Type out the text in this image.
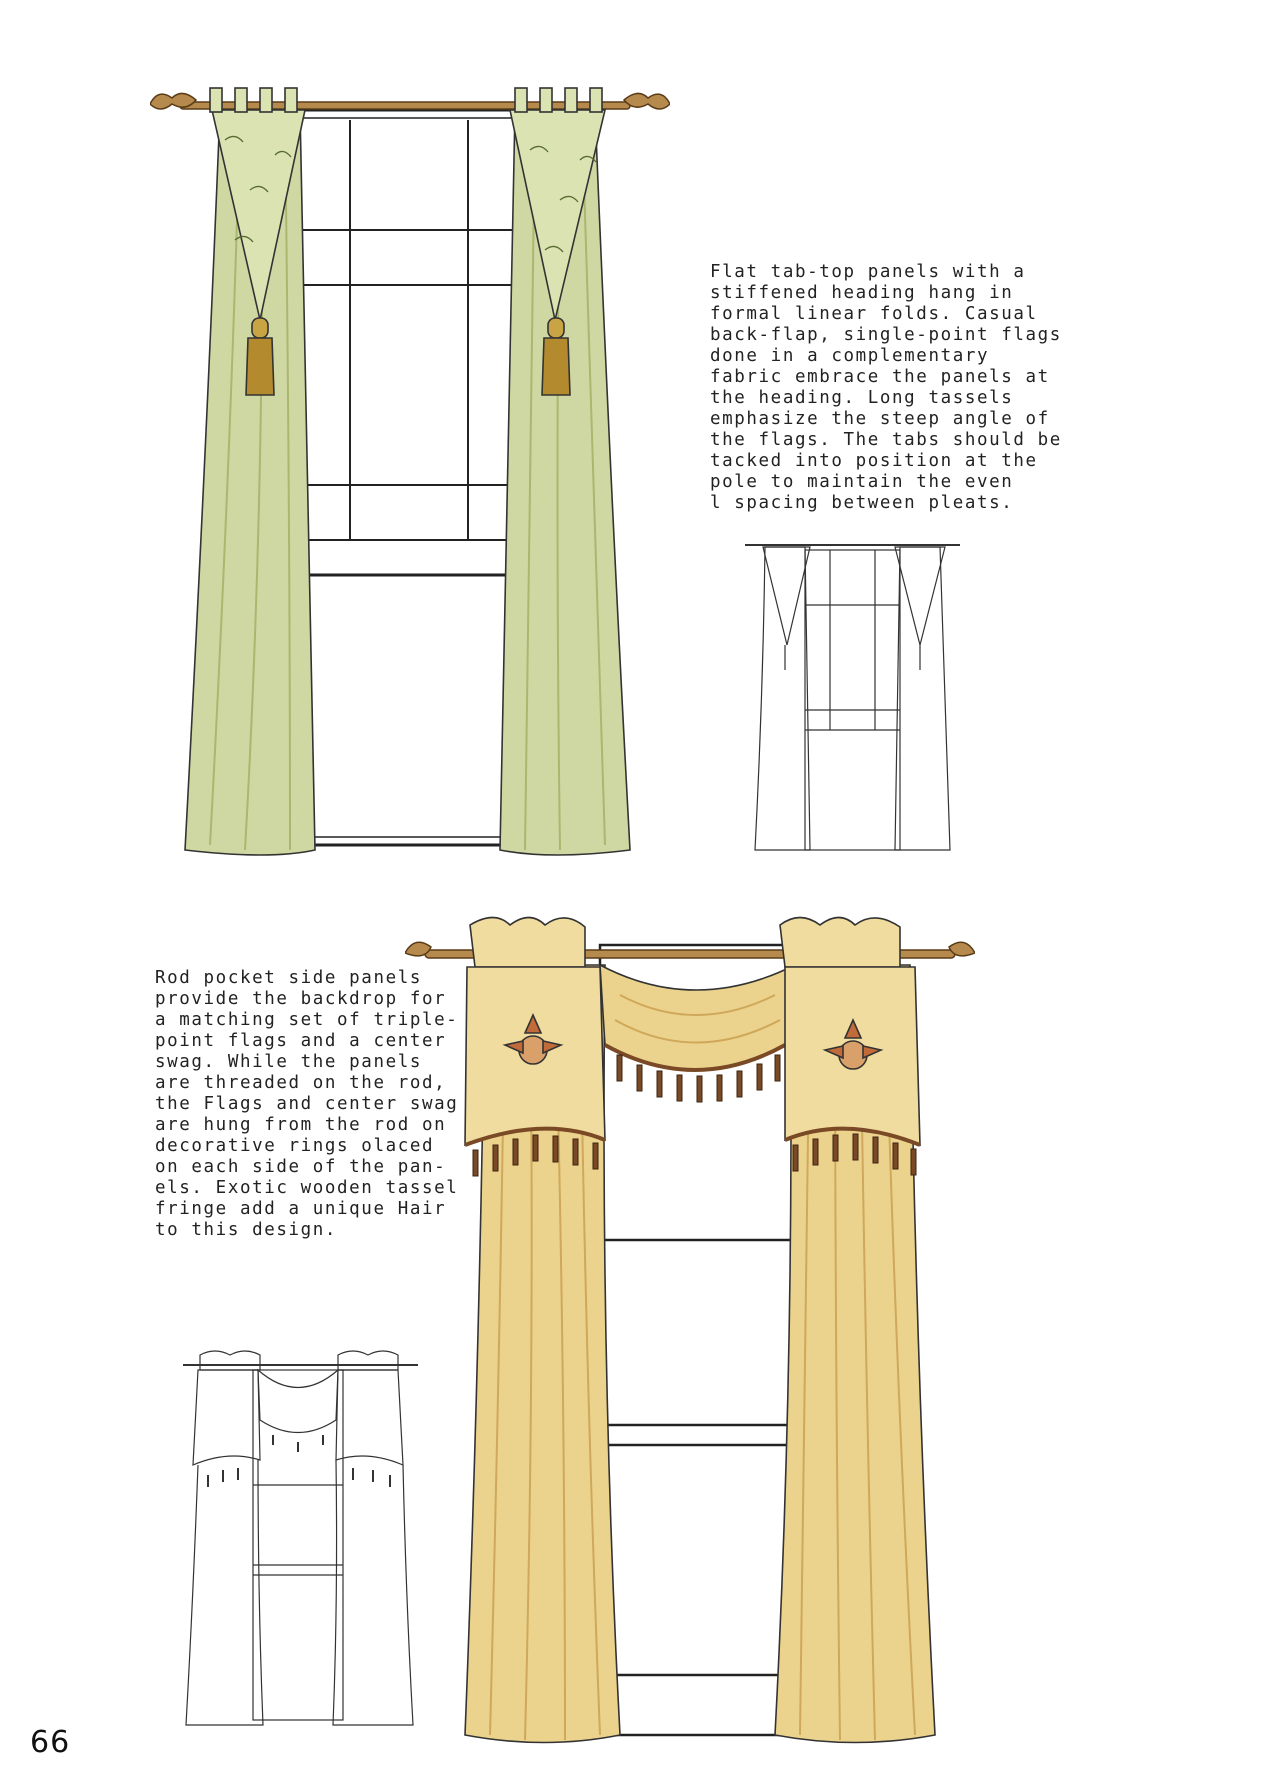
Flat tab-top panels with a
stiffened heading hang in
formal linear folds. Casual
back-flap, single-point flags
done in a complementary
fabric embrace the panels at
the heading. Long tassels
emphasize the steep angle of
the flags. The tabs should be
tacked into position at the
pole to maintain the even
l spacing between pleats.
Rod pocket side panels
provide the backdrop for
a matching set of triple-
point flags and a center
swag. While the panels
are threaded on the rod,
the Flags and center swag
are hung from the rod on
decorative rings olaced
on each side of the pan-
els. Exotic wooden tassel
fringe add a unique Hair
to this design.
66
